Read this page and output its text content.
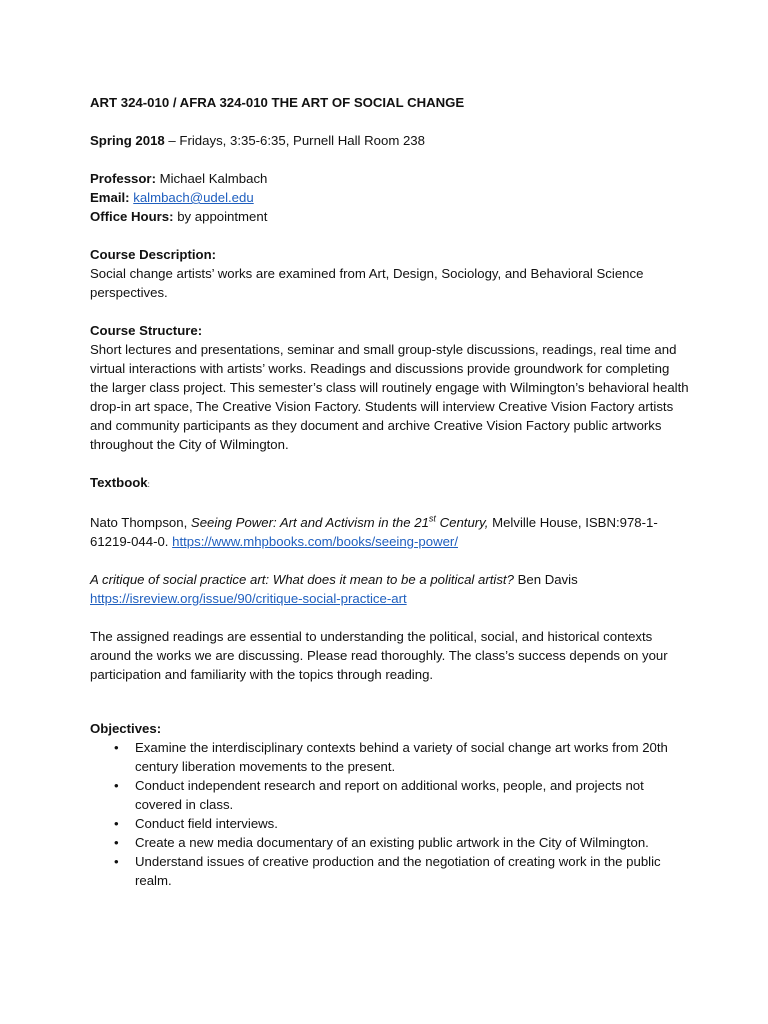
ART 324-010 / AFRA 324-010 THE ART OF SOCIAL CHANGE

Spring 2018 – Fridays, 3:35-6:35, Purnell Hall Room 238

Professor: Michael Kalmbach

Email: kalmbach@udel.edu

Office Hours: by appointment

Course Description:

Social change artists’ works are examined from Art, Design, Sociology, and Behavioral Science perspectives.

Course Structure:

Short lectures and presentations, seminar and small group-style discussions, readings, real time and virtual interactions with artists’ works. Readings and discussions provide groundwork for completing the larger class project. This semester’s class will routinely engage with Wilmington’s behavioral health drop-in art space, The Creative Vision Factory. Students will interview Creative Vision Factory artists and community participants as they document and archive Creative Vision Factory public artworks throughout the City of Wilmington.

Textbook:

Nato Thompson, Seeing Power: Art and Activism in the 21st Century, Melville House, ISBN:978-1-61219-044-0. https://www.mhpbooks.com/books/seeing-power/

A critique of social practice art: What does it mean to be a political artist? Ben Davis
https://isreview.org/issue/90/critique-social-practice-art

The assigned readings are essential to understanding the political, social, and historical contexts around the works we are discussing. Please read thoroughly. The class’s success depends on your participation and familiarity with the topics through reading.

Objectives:

• Examine the interdisciplinary contexts behind a variety of social change art works from 20th century liberation movements to the present.
• Conduct independent research and report on additional works, people, and projects not covered in class.
• Conduct field interviews.
• Create a new media documentary of an existing public artwork in the City of Wilmington.
• Understand issues of creative production and the negotiation of creating work in the public realm.
